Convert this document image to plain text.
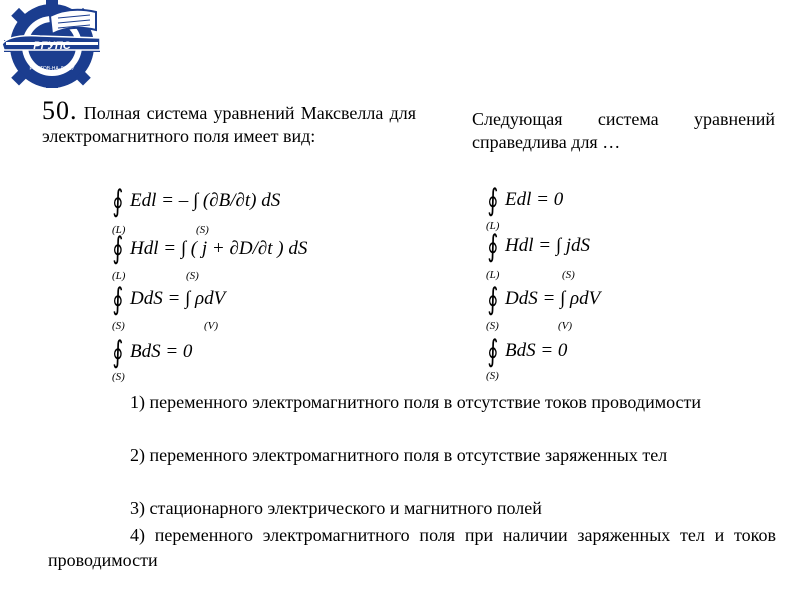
РГУПС
РОСТОВ-НА-ДОНУ
50. Полная система уравнений Максвелла для электромагнитного поля имеет вид:
Следующая система уравнений справедлива для …
∮ Edl = – ∫ (∂B/∂t) dS
(L)	(S)
∮ Hdl = ∫ ( j + ∂D/∂t ) dS
(L)	(S)
∮ DdS = ∫ ρdV
(S)	(V)
∮ BdS = 0
(S)
∮ Edl = 0
(L)
∮ Hdl = ∫ jdS
(L)	(S)
∮ DdS = ∫ ρdV
(S)	(V)
∮ BdS = 0
(S)
1) переменного электромагнитного поля в отсутствие токов проводимости
2) переменного электромагнитного поля в отсутствие заряженных тел
3) стационарного электрического и магнитного полей
4) переменного электромагнитного поля при наличии заряженных тел и токов проводимости
